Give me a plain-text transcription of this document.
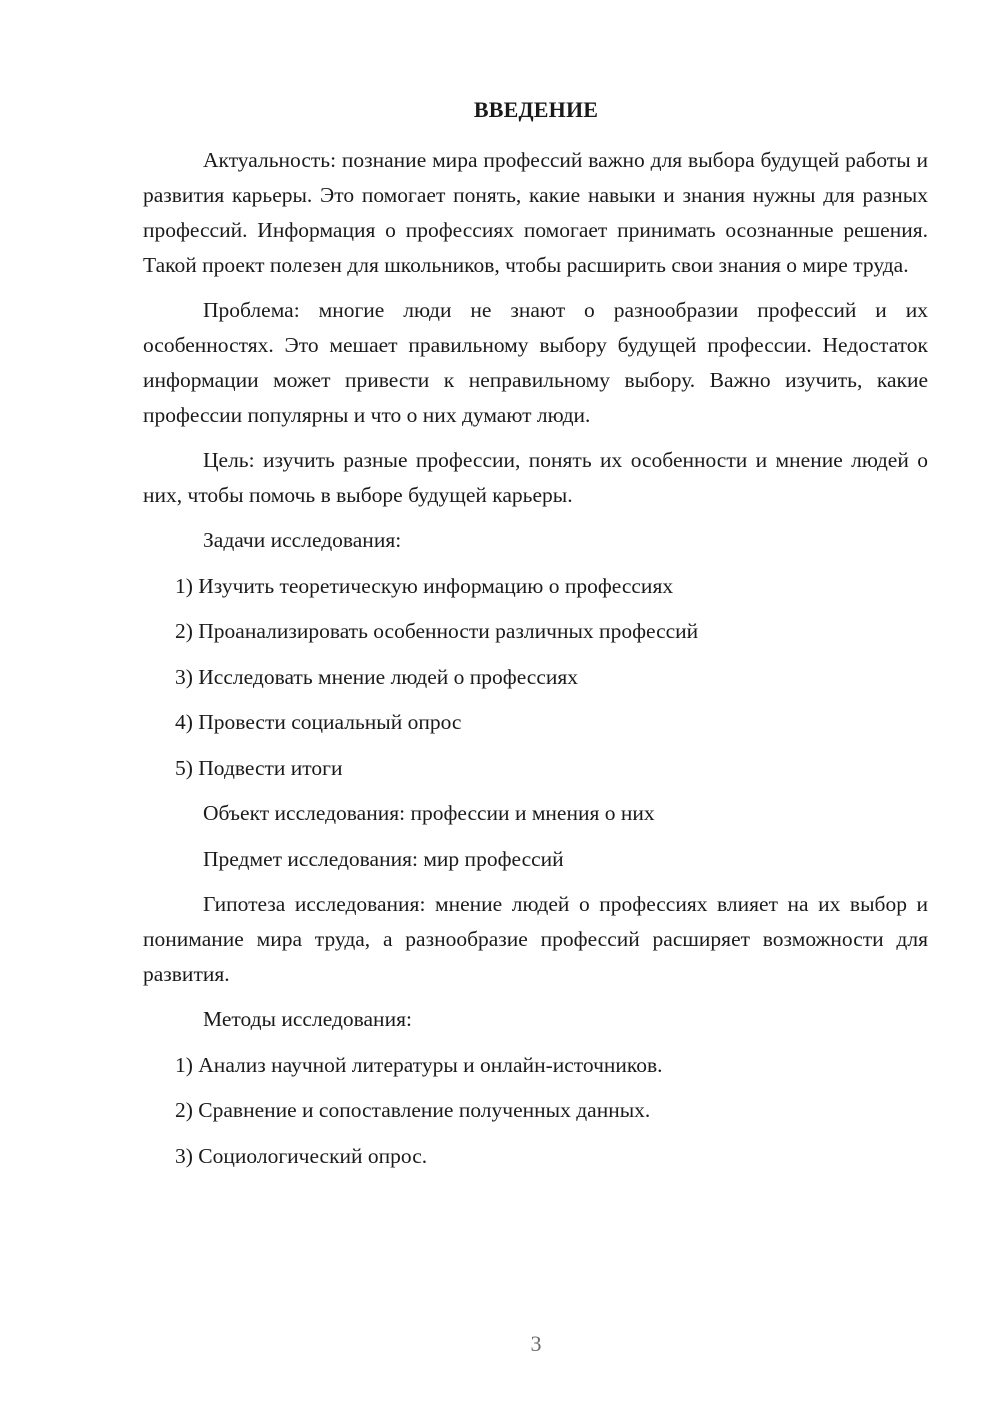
ВВЕДЕНИЕ

Актуальность: познание мира профессий важно для выбора будущей работы и развития карьеры. Это помогает понять, какие навыки и знания нужны для разных профессий. Информация о профессиях помогает принимать осознанные решения. Такой проект полезен для школьников, чтобы расширить свои знания о мире труда.

Проблема: многие люди не знают о разнообразии профессий и их особенностях. Это мешает правильному выбору будущей профессии. Недостаток информации может привести к неправильному выбору. Важно изучить, какие профессии популярны и что о них думают люди.

Цель: изучить разные профессии, понять их особенности и мнение людей о них, чтобы помочь в выборе будущей карьеры.

Задачи исследования:
1) Изучить теоретическую информацию о профессиях
2) Проанализировать особенности различных профессий
3) Исследовать мнение людей о профессиях
4) Провести социальный опрос
5) Подвести итоги
Объект исследования: профессии и мнения о них
Предмет исследования: мир профессий

Гипотеза исследования: мнение людей о профессиях влияет на их выбор и понимание мира труда, а разнообразие профессий расширяет возможности для развития.

Методы исследования:
1) Анализ научной литературы и онлайн-источников.
2) Сравнение и сопоставление полученных данных.
3) Социологический опрос.
3
